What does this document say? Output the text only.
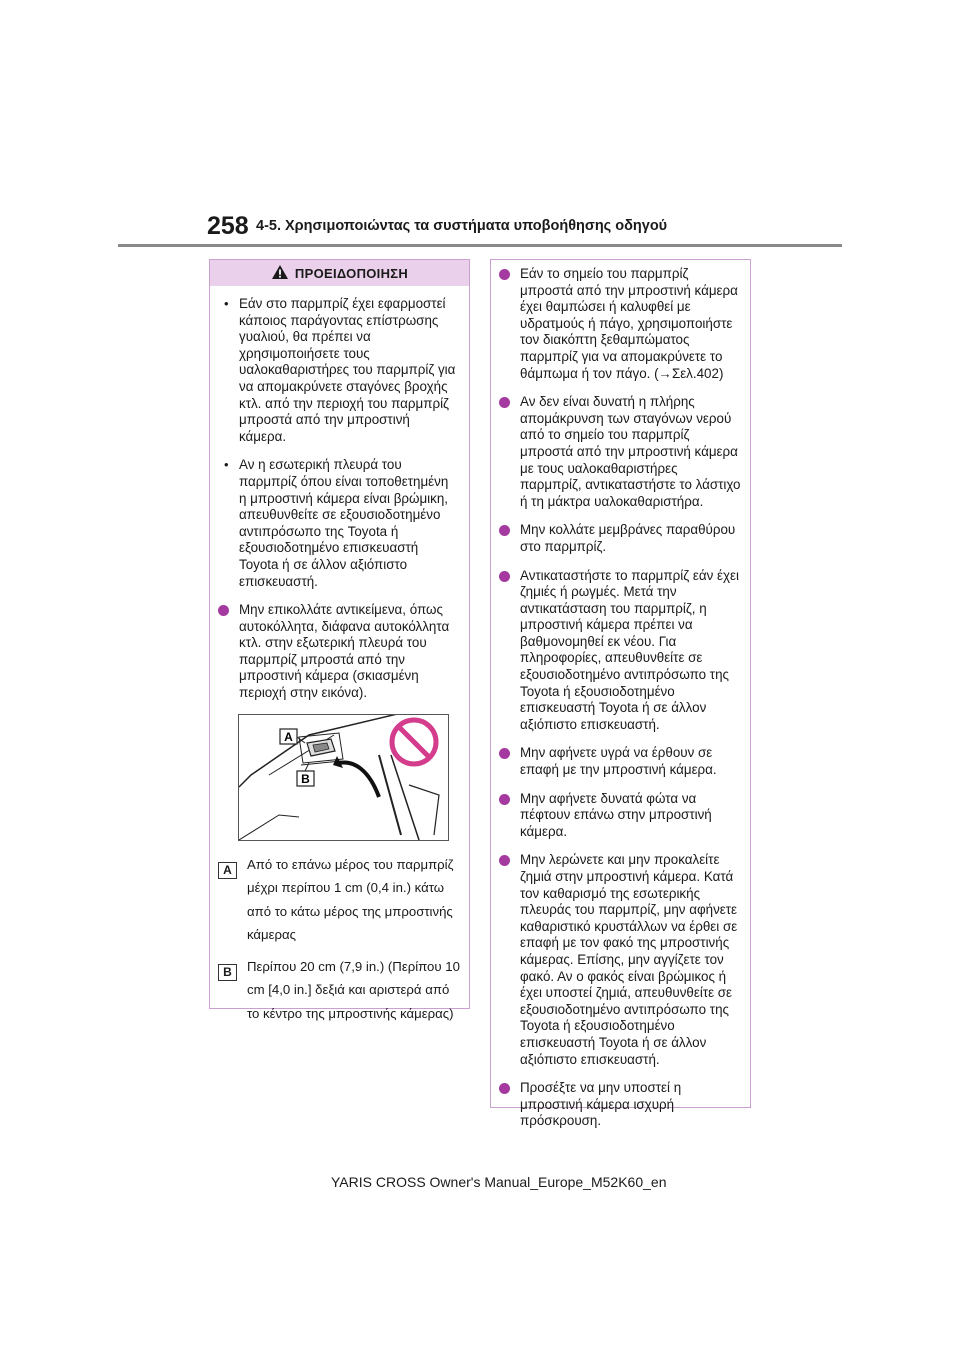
258 4-5. Χρησιμοποιώντας τα συστήματα υποβοήθησης οδηγού
ΠΡΟΕΙΔΟΠΟΙΗΣΗ
• Εάν στο παρμπρίζ έχει εφαρμοστεί κάποιος παράγοντας επίστρωσης γυαλιού, θα πρέπει να χρησιμοποιήσετε τους υαλοκαθαριστήρες του παρμπρίζ για να απομακρύνετε σταγόνες βροχής κτλ. από την περιοχή του παρμπρίζ μπροστά από την μπροστινή κάμερα.
• Αν η εσωτερική πλευρά του παρμπρίζ όπου είναι τοποθετημένη η μπροστινή κάμερα είναι βρώμικη, απευθυνθείτε σε εξουσιοδοτημένο αντιπρόσωπο της Toyota ή εξουσιοδοτημένο επισκευαστή Toyota ή σε άλλον αξιόπιστο επισκευαστή.
Μην επικολλάτε αντικείμενα, όπως αυτοκόλλητα, διάφανα αυτοκόλλητα κτλ. στην εξωτερική πλευρά του παρμπρίζ μπροστά από την μπροστινή κάμερα (σκιασμένη περιοχή στην εικόνα).
A
B
A	Από το επάνω μέρος του παρμπρίζ μέχρι περίπου 1 cm (0,4 in.) κάτω από το κάτω μέρος της μπροστινής κάμερας
B	Περίπου 20 cm (7,9 in.) (Περίπου 10 cm [4,0 in.] δεξιά και αριστερά από το κέντρο της μπροστινής κάμερας)
Εάν το σημείο του παρμπρίζ μπροστά από την μπροστινή κάμερα έχει θαμπώσει ή καλυφθεί με υδρατμούς ή πάγο, χρησιμοποιήστε τον διακόπτη ξεθαμπώματος παρμπρίζ για να απομακρύνετε το θάμπωμα ή τον πάγο. (→Σελ.402)
Αν δεν είναι δυνατή η πλήρης απομάκρυνση των σταγόνων νερού από το σημείο του παρμπρίζ μπροστά από την μπροστινή κάμερα με τους υαλοκαθαριστήρες παρμπρίζ, αντικαταστήστε το λάστιχο ή τη μάκτρα υαλοκαθαριστήρα.
Μην κολλάτε μεμβράνες παραθύρου στο παρμπρίζ.
Αντικαταστήστε το παρμπρίζ εάν έχει ζημιές ή ρωγμές. Μετά την αντικατάσταση του παρμπρίζ, η μπροστινή κάμερα πρέπει να βαθμονομηθεί εκ νέου. Για πληροφορίες, απευθυνθείτε σε εξουσιοδοτημένο αντιπρόσωπο της Toyota ή εξουσιοδοτημένο επισκευαστή Toyota ή σε άλλον αξιόπιστο επισκευαστή.
Μην αφήνετε υγρά να έρθουν σε επαφή με την μπροστινή κάμερα.
Μην αφήνετε δυνατά φώτα να πέφτουν επάνω στην μπροστινή κάμερα.
Μην λερώνετε και μην προκαλείτε ζημιά στην μπροστινή κάμερα. Κατά τον καθαρισμό της εσωτερικής πλευράς του παρμπρίζ, μην αφήνετε καθαριστικό κρυστάλλων να έρθει σε επαφή με τον φακό της μπροστινής κάμερας. Επίσης, μην αγγίζετε τον φακό. Αν ο φακός είναι βρώμικος ή έχει υποστεί ζημιά, απευθυνθείτε σε εξουσιοδοτημένο αντιπρόσωπο της Toyota ή εξουσιοδοτημένο επισκευαστή Toyota ή σε άλλον αξιόπιστο επισκευαστή.
Προσέξτε να μην υποστεί η μπροστινή κάμερα ισχυρή πρόσκρουση.
YARIS CROSS Owner's Manual_Europe_M52K60_en
